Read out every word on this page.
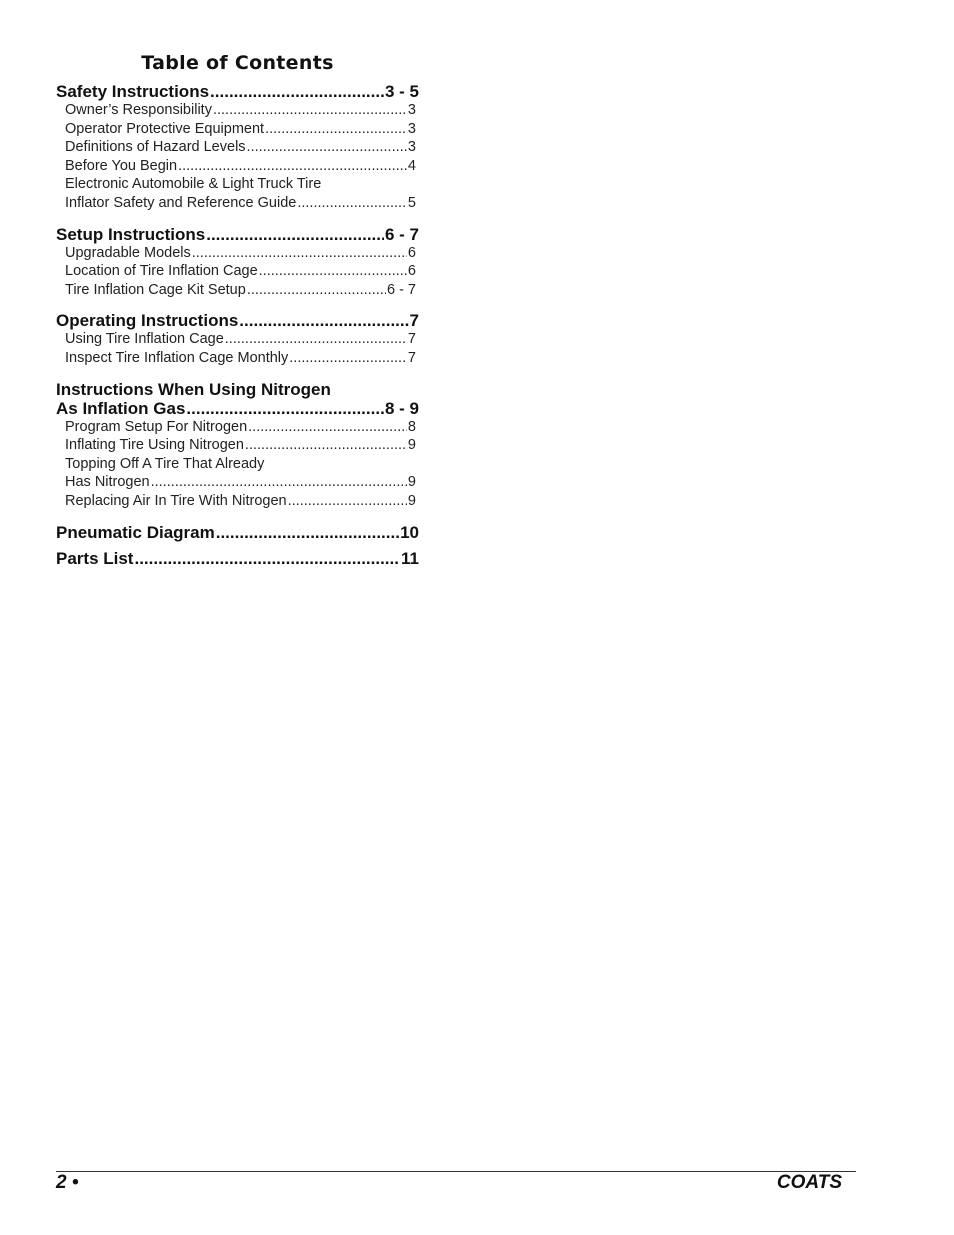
Table of Contents
Safety Instructions .....	3 - 5
Owner’s Responsibility .....	3
Operator Protective Equipment .....	3
Definitions of Hazard Levels .....	3
Before You Begin .....	4
Electronic Automobile & Light Truck Tire
Inflator Safety and Reference Guide .....	5
Setup Instructions .....	6 - 7
Upgradable Models .....	6
Location of Tire Inflation Cage .....	6
Tire Inflation Cage Kit Setup .....	6 - 7
Operating Instructions .....	7
Using Tire Inflation Cage .....	7
Inspect Tire Inflation Cage Monthly .....	7
Instructions When Using Nitrogen
As Inflation Gas .....	8 - 9
Program Setup For Nitrogen .....	8
Inflating Tire Using Nitrogen .....	9
Topping Off A Tire That Already
Has Nitrogen .....	9
Replacing Air In Tire With Nitrogen .....	9
Pneumatic Diagram .....	10
Parts List .....	11
2 •	COATS
